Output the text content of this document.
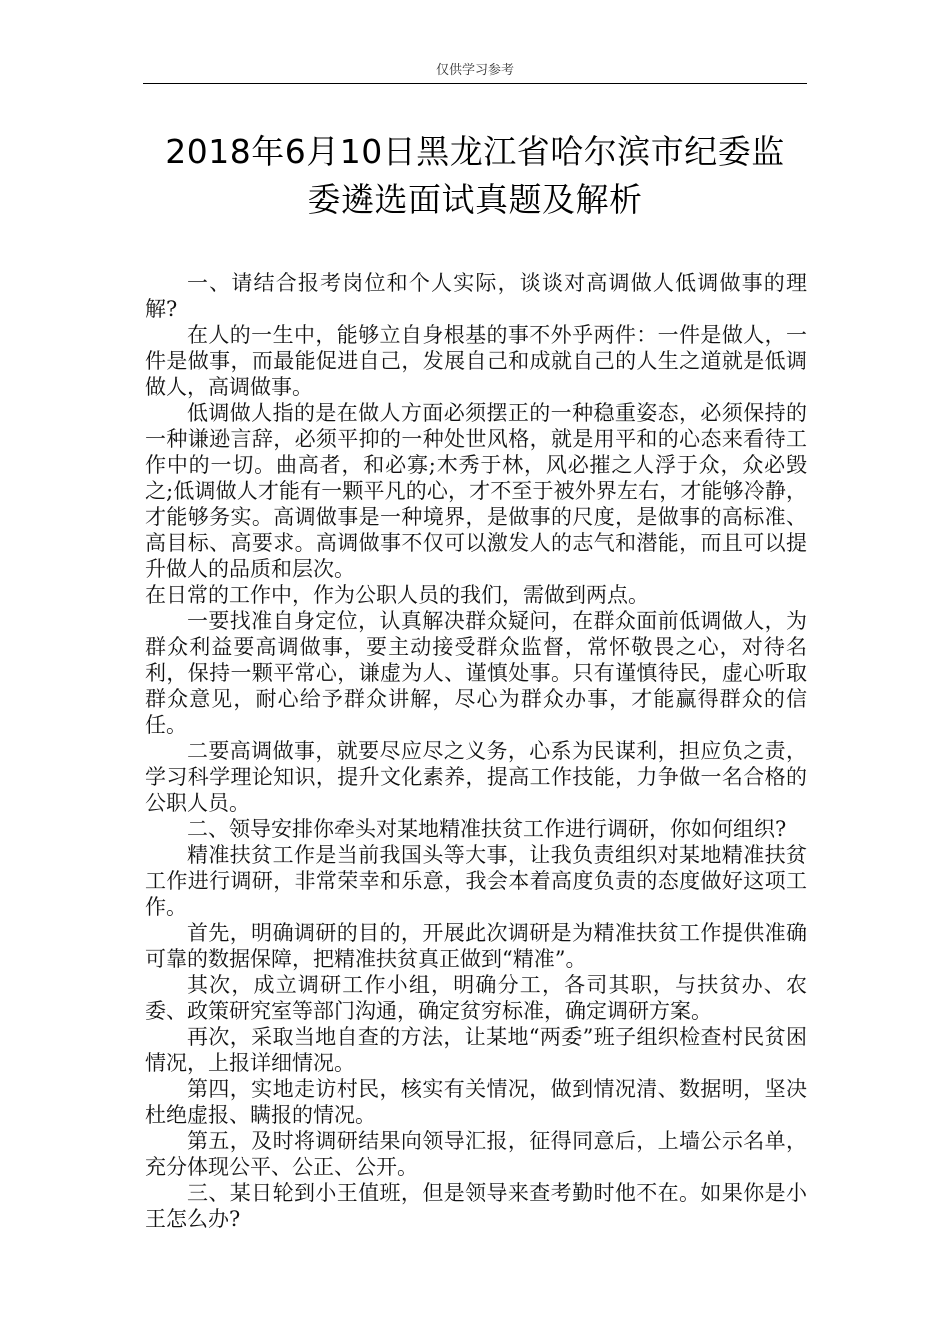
仅供学习参考
2018年6月10日黑龙江省哈尔滨市纪委监
委遴选面试真题及解析

一、请结合报考岗位和个人实际，谈谈对高调做人低调做事的理解?

在人的一生中，能够立自身根基的事不外乎两件：一件是做人，一件是做事，而最能促进自己，发展自己和成就自己的人生之道就是低调做人，高调做事。

低调做人指的是在做人方面必须摆正的一种稳重姿态，必须保持的一种谦逊言辞，必须平抑的一种处世风格，就是用平和的心态来看待工作中的一切。曲高者，和必寡;木秀于林，风必摧之人浮于众，众必毁之;低调做人才能有一颗平凡的心，才不至于被外界左右，才能够冷静，才能够务实。高调做事是一种境界，是做事的尺度，是做事的高标准、高目标、高要求。高调做事不仅可以激发人的志气和潜能，而且可以提升做人的品质和层次。

在日常的工作中，作为公职人员的我们，需做到两点。

一要找准自身定位，认真解决群众疑问，在群众面前低调做人，为群众利益要高调做事，要主动接受群众监督，常怀敬畏之心，对待名利，保持一颗平常心，谦虚为人、谨慎处事。只有谨慎待民，虚心听取群众意见，耐心给予群众讲解，尽心为群众办事，才能赢得群众的信任。

二要高调做事，就要尽应尽之义务，心系为民谋利，担应负之责，学习科学理论知识，提升文化素养，提高工作技能，力争做一名合格的公职人员。

二、领导安排你牵头对某地精准扶贫工作进行调研，你如何组织?

精准扶贫工作是当前我国头等大事，让我负责组织对某地精准扶贫工作进行调研，非常荣幸和乐意，我会本着高度负责的态度做好这项工作。

首先，明确调研的目的，开展此次调研是为精准扶贫工作提供准确可靠的数据保障，把精准扶贫真正做到“精准”。

其次，成立调研工作小组，明确分工，各司其职，与扶贫办、农委、政策研究室等部门沟通，确定贫穷标准，确定调研方案。

再次，采取当地自查的方法，让某地“两委”班子组织检查村民贫困情况，上报详细情况。

第四，实地走访村民，核实有关情况，做到情况清、数据明，坚决杜绝虚报、瞒报的情况。

第五，及时将调研结果向领导汇报，征得同意后，上墙公示名单，充分体现公平、公正、公开。

三、某日轮到小王值班，但是领导来查考勤时他不在。如果你是小王怎么办?
